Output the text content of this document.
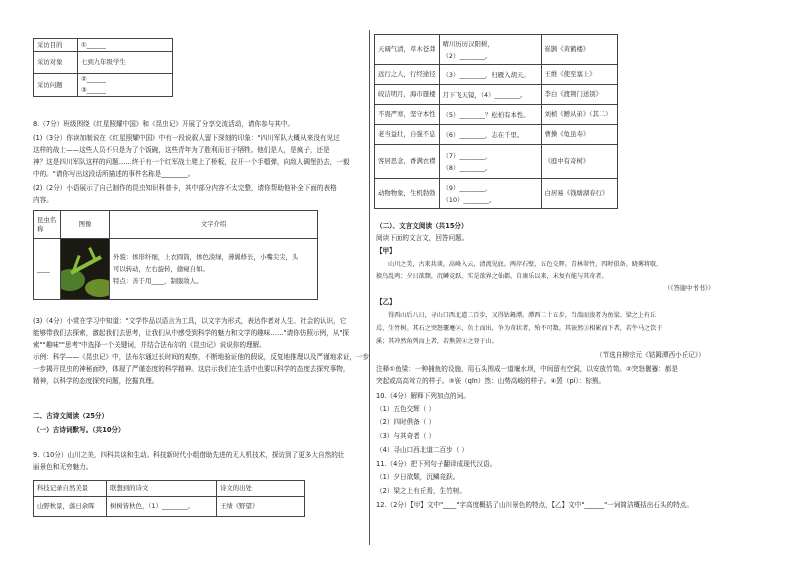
采访目的	①______
采访对象	七到九年级学生
采访问题	②______
	③______
8.（7分）班级围绕《红星照耀中国》和《昆虫记》开展了分享交流活动，请你参与其中。
(1)（3分）你读加制说在《红星照耀中国》中有一段说叙人留下深刻的印象："四川军队大概从来没有见过
这样的战士——这些人员不只是为了个饭碗，这些青年为了胜利而甘于牺牲。他们是人，是疯子，还是
神？这是四川军队这样的问题……终于有一个红军战士爬上了桥板，拉开一个手榴弹，向敌人碉堡扔去，一毅
中的。"请你写出这段话所描述的事件名称是________。
(2)（2分）小语展示了自己制作的昆虫知识科普卡，其中部分内容不太完整，请你帮助他补全下面的表格
内容。
昆虫名称	图像	文字介绍
____		外貌：体形纤细，上衣圆筒，体色淡绿，薄翼修长，小嘴尖尖，头
可以转动，左右旋转，偷窥自如。
特点：善于用____，制服敌人。
(3)（4分）小赏在学习中知道："文学作品以语言为工具，以文字为形式，表达作者对人生、社会的认识，它
能够带我们去探索，激起我们去思考，让我们从中感受到科学的魅力和文学的趣味……"请你仿照示例，从"探
索""趣味""思考"中选择一个关键词，并结合法布尔的《昆虫记》说说你的理解。
示例：科学——《昆虫记》中，法布尔通过长时间的观察，不断地验证他的假说，反复地推理以及严谨地求证，一步
一步揭开昆虫的神秘面纱，体现了严谨态度的科学精神。这启示我们在生活中也要以科学的态度去探究事物，
精神，以科学的态度探究问题，挖掘真理。
二、古诗文阅读（25分）
（一）古诗词默写。（共10分）
9.（10分）山川之美，四科共谈和生动。科技新时代小组借助先进的无人机技术，探访到了更多大自然的壮
丽景色和无穷魅力。
科技记录自然美景	联想到的诗文	诗文的出处
山野秋景，落日余晖	树树皆秋色，（1）________。	王绩《野望》
天阔气清，草木苍莽	晴川历历汉阳树，
（2）________。	崔颢《黄鹤楼》
远行之人，行经途径	（3）________，归雁入胡天。	王维《使至塞上》
皎洁明月，海市蜃楼	月下飞天镜，（4）________。	李白《渡荆门送别》
不畏严寒，坚守本性	（5）________？松柏有本性。	刘桢《赠从弟》（其二）
老当益壮，自强不息	（6）________，志在千里。	曹操《龟虽寿》
客居思念，香满衣襟	（7）________，
（8）________。	《庭中有奇树》
动物物象，生机勃勃	（9）________，
（10）________。	白居易《钱塘湖春行》
（二）、文言文阅读（共15分）
阅读下面的文言文，回答问题。
【甲】
山川之美，古来共谈。高峰入云，清流见底。两岸石壁，五色交辉。青林翠竹，四时俱备。晓雾将歇，
猿鸟乱鸣；夕日欲颓，沉鳞竞跃。实是欲界之仙都。自康乐以来，未复有能与其奇者。
（《答谢中书书》）
【乙】
得西山后八日，寻山口西北道二百步，又得钴鉧潭。潭西二十五步，当湍而浚者为鱼梁。梁之上有丘
焉，生竹树。其石之突怒偃蹇②，负土而出，争为奇状者，殆不可数。其嵚然③相累而下者，若牛马之饮于
溪；其冲然角列而上者，若熊罴④之登于山。
（节选自柳宗元《钴鉧潭西小丘记》）
注释①鱼梁：一种捕鱼的设施，用石头围成一道堰水坝，中间留有空洞，以安放竹笥。②突怒偃蹇：都是
突起或高高耸立的样子。③嵚（qīn）然：山势高峻的样子。④罴（pí）：棕熊。
10.（4分）解释下列加点的词。
（1）五色交辉（ ）
（2）四时俱备（ ）
（3）与其奇者（ ）
（4）寻山口西北道二百步（ ）
11.（4分）把下列句子翻译成现代汉语。
（1）夕日欲颓，沉鳞竞跃。
（2）梁之上有丘焉，生竹树。
12.（2分）【甲】文中"____"字高度概括了山川景色的特点，【乙】文中"______"一词简洁概括出石头的特点。
